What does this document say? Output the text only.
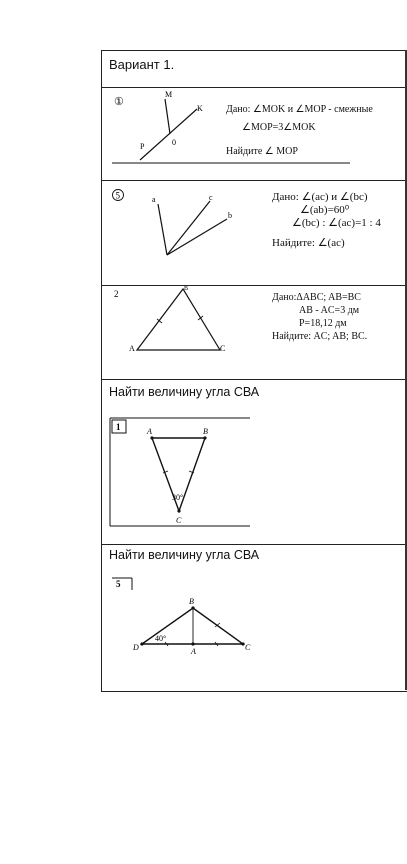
Вариант 1.
①
M
K
P	0
Дано: ∠MOK и ∠MOP - смежные
∠MOP=3∠MOK
Найдите ∠ MOP
5	a	c
b
Дано: ∠(ac) и ∠(bc)
∠(ab)=60⁰
∠(bc) : ∠(ac)=1 : 4
Найдите: ∠(ac)
2
A
B
C
Дано:ΔABC; AB=BC
AB - AC=3 дм
P=18,12 дм
Найдите: AC; AB; BC.
Найти величину угла СВА
1	A	B
C
30°
Найти величину угла СВА
5
B
D	A	C
40°
